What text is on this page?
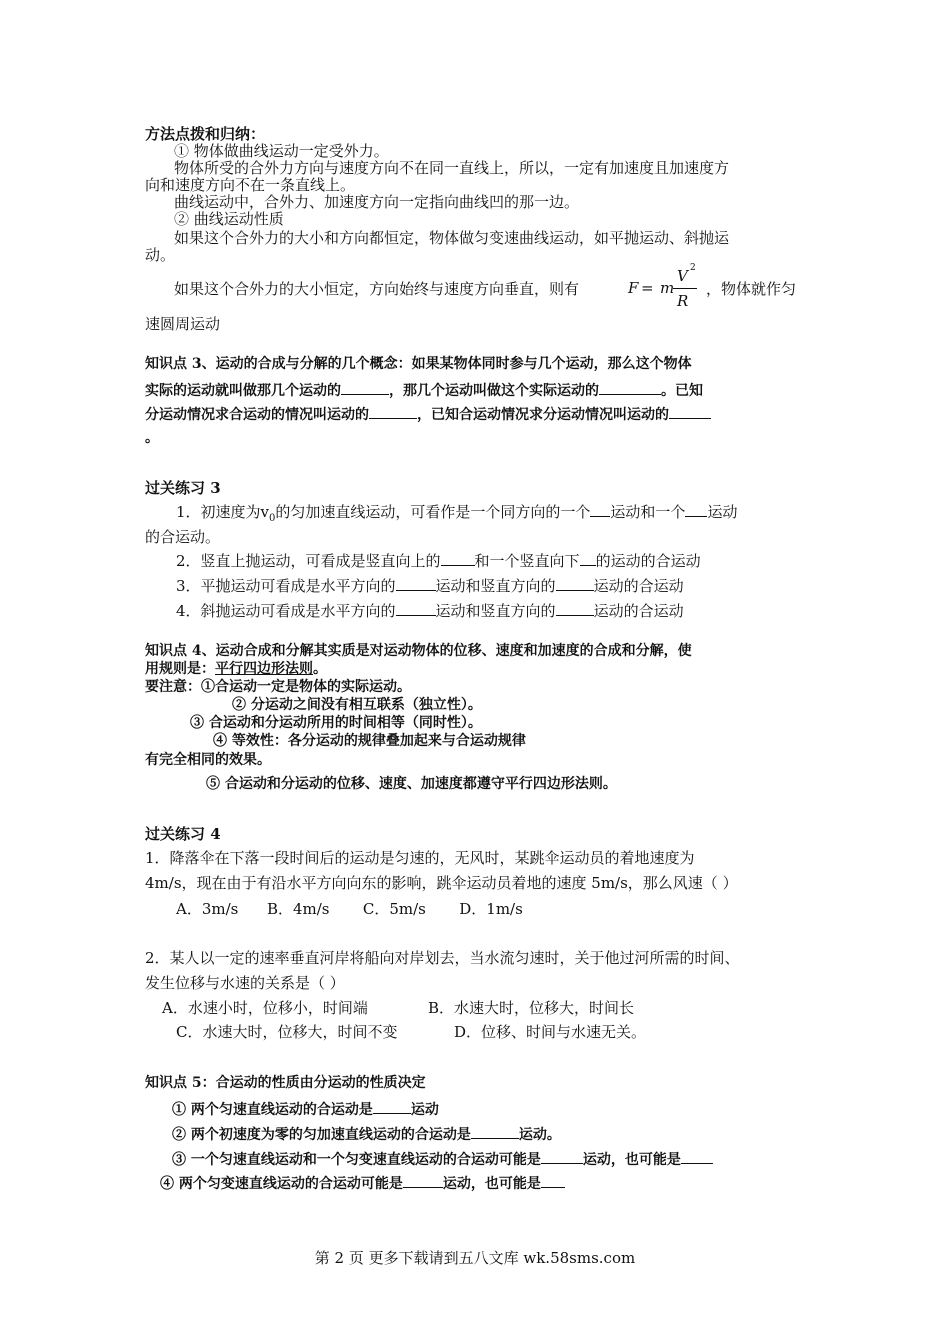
方法点拨和归纳：
① 物体做曲线运动一定受外力。
物体所受的合外力方向与速度方向不在同一直线上，所以，一定有加速度且加速度方
向和速度方向不在一条直线上。
曲线运动中，合外力、加速度方向一定指向曲线凹的那一边。
② 曲线运动性质
如果这个合外力的大小和方向都恒定，物体做匀变速曲线运动，如平抛运动、斜抛运
动。
如果这个合外力的大小恒定，方向始终与速度方向垂直，则有	F = m
V 2
R
，物体就作匀
速圆周运动
知识点 3、运动的合成与分解的几个概念：如果某物体同时参与几个运动，那么这个物体
实际的运动就叫做那几个运动的	，那几个运动叫做这个实际运动的	。已知
分运动情况求合运动的情况叫运动的	，已知合运动情况求分运动情况叫运动的
。
过关练习 3
1．初速度为$v_0$的匀加速直线运动，可看作是一个同方向的一个 运动和一个 运动
的合运动。
2．竖直上抛运动，可看成是竖直向上的 和一个竖直向下 的运动的合运动
3．平抛运动可看成是水平方向的	运动和竖直方向的	运动的合运动
4．斜抛运动可看成是水平方向的	运动和竖直方向的	运动的合运动
知识点 4、运动合成和分解其实质是对运动物体的位移、速度和加速度的合成和分解，使
用规则是：平行四边形法则。
要注意：①合运动一定是物体的实际运动。
② 分运动之间没有相互联系（独立性）。
③ 合运动和分运动所用的时间相等（同时性）。
④ 等效性：各分运动的规律叠加起来与合运动规律
有完全相同的效果。
⑤ 合运动和分运动的位移、速度、加速度都遵守平行四边形法则。
过关练习 4
1．降落伞在下落一段时间后的运动是匀速的，无风时，某跳伞运动员的着地速度为
4m/s，现在由于有沿水平方向向东的影响，跳伞运动员着地的速度 5m/s，那么风速（ ）
A．3m/s      B．4m/s       C．5m/s       D．1m/s
2．某人以一定的速率垂直河岸将船向对岸划去，当水流匀速时，关于他过河所需的时间、
发生位移与水速的关系是（ ）
A．水速小时，位移小，时间端	B．水速大时，位移大，时间长
C．水速大时，位移大，时间不变	D．位移、时间与水速无关。
知识点 5：合运动的性质由分运动的性质决定
① 两个匀速直线运动的合运动是	运动
② 两个初速度为零的匀加速直线运动的合运动是	运动。
③ 一个匀速直线运动和一个匀变速直线运动的合运动可能是	运动，也可能是
④ 两个匀变速直线运动的合运动可能是	运动，也可能是
第 2 页 更多下载请到五八文库 wk.58sms.com
